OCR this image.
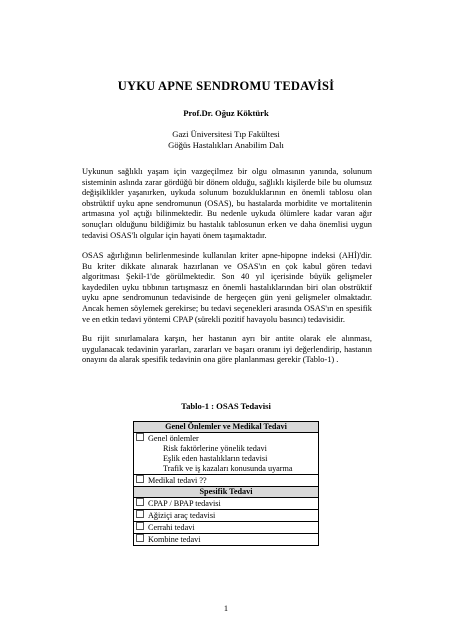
UYKU APNE SENDROMU TEDAVİSİ
Prof.Dr. Oğuz Köktürk
Gazi Üniversitesi Tıp Fakültesi
Göğüs Hastalıkları Anabilim Dalı
Uykunun sağlıklı yaşam için vazgeçilmez bir olgu olmasının yanında, solunum sisteminin aslında zarar gördüğü bir dönem olduğu, sağlıklı kişilerde bile bu olumsuz değişiklikler yaşanırken, uykuda solunum bozukluklarının en önemli tablosu olan obstrüktif uyku apne sendromunun (OSAS), bu hastalarda morbidite ve mortalitenin artmasına yol açtığı bilinmektedir. Bu nedenle uykuda ölümlere kadar varan ağır sonuçları olduğunu bildiğimiz bu hastalık tablosunun erken ve daha önemlisi uygun tedavisi OSAS'lı olgular için hayati önem taşımaktadır.
OSAS ağırlığının belirlenmesinde kullanılan kriter apne-hipopne indeksi (AHİ)'dir. Bu kriter dikkate alınarak hazırlanan ve OSAS'ın en çok kabul gören tedavi algoritması Şekil-1'de görülmektedir. Son 40 yıl içerisinde büyük gelişmeler kaydedilen uyku tıbbının tartışmasız en önemli hastalıklarından biri olan obstrüktif uyku apne sendromunun tedavisinde de hergeçen gün yeni gelişmeler olmaktadır. Ancak hemen söylemek gerekirse; bu tedavi seçenekleri arasında OSAS'ın en spesifik ve en etkin tedavi yöntemi CPAP (sürekli pozitif havayolu basıncı) tedavisidir.
Bu rijit sınırlamalara karşın, her hastanın ayrı bir antite olarak ele alınması, uygulanacak tedavinin yararları, zararları ve başarı oranını iyi değerlendirip, hastanın onayını da alarak spesifik tedavinin ona göre planlanması gerekir (Tablo-1) .
Tablo-1 : OSAS Tedavisi
Genel Önlemler ve Medikal Tedavi
Genel önlemler
Risk faktörlerine yönelik tedavi
Eşlik eden hastalıkların tedavisi
Trafik ve iş kazaları konusunda uyarma

Medikal tedavi ??
Spesifik Tedavi
CPAP / BPAP tedavisi
Ağiziçi araç tedavisi
Cerrahi tedavi
Kombine tedavi
1
